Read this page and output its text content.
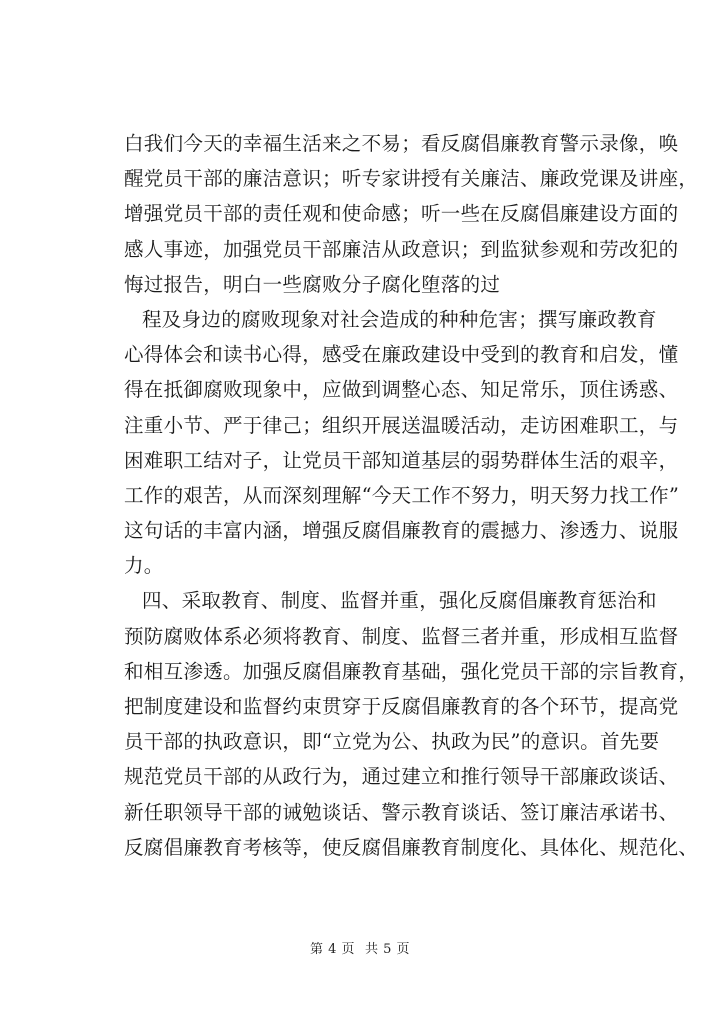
白我们今天的幸福生活来之不易；看反腐倡廉教育警示录像，唤
醒党员干部的廉洁意识；听专家讲授有关廉洁、廉政党课及讲座，
增强党员干部的责任观和使命感；听一些在反腐倡廉建设方面的
感人事迹，加强党员干部廉洁从政意识；到监狱参观和劳改犯的
悔过报告，明白一些腐败分子腐化堕落的过
程及身边的腐败现象对社会造成的种种危害；撰写廉政教育
心得体会和读书心得，感受在廉政建设中受到的教育和启发，懂
得在抵御腐败现象中，应做到调整心态、知足常乐，顶住诱惑、
注重小节、严于律己；组织开展送温暖活动，走访困难职工，与
困难职工结对子，让党员干部知道基层的弱势群体生活的艰辛，
工作的艰苦，从而深刻理解“今天工作不努力，明天努力找工作”
这句话的丰富内涵，增强反腐倡廉教育的震撼力、渗透力、说服
力。
四、采取教育、制度、监督并重，强化反腐倡廉教育惩治和
预防腐败体系必须将教育、制度、监督三者并重，形成相互监督
和相互渗透。加强反腐倡廉教育基础，强化党员干部的宗旨教育，
把制度建设和监督约束贯穿于反腐倡廉教育的各个环节，提高党
员干部的执政意识，即“立党为公、执政为民”的意识。首先要
规范党员干部的从政行为，通过建立和推行领导干部廉政谈话、
新任职领导干部的诫勉谈话、警示教育谈话、签订廉洁承诺书、
反腐倡廉教育考核等，使反腐倡廉教育制度化、具体化、规范化、
第 4 页 共 5 页
